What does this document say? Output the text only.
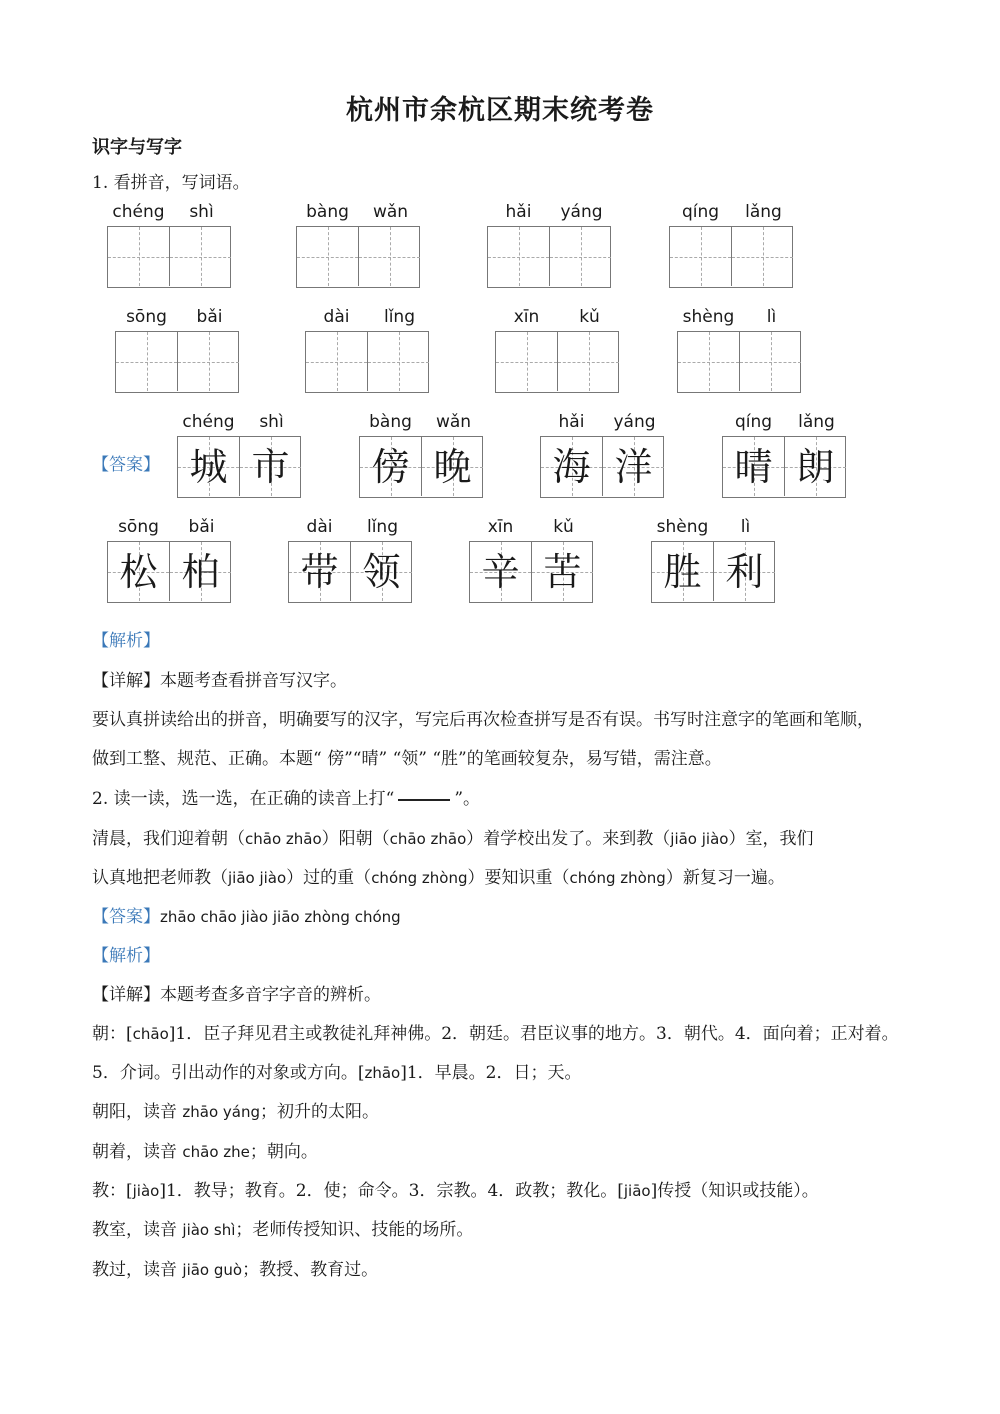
杭州市余杭区期末统考卷
识字与写字
1. 看拼音，写词语。
chéng	shì	bàng	wǎn	hǎi	yáng	qíng	lǎng
sōng	bǎi	dài	lǐng	xīn	kǔ	shèng	lì
【答案】
chéng	shì
城 市
bàng	wǎn
傍 晚
hǎi	yáng
海 洋
qíng	lǎng
晴 朗
sōng	bǎi
松 柏
dài	lǐng
带 领
xīn	kǔ
辛 苦
shèng	lì
胜 利
【解析】
【详解】本题考查看拼音写汉字。
要认真拼读给出的拼音，明确要写的汉字，写完后再次检查拼写是否有误。书写时注意字的笔画和笔顺，
做到工整、规范、正确。本题“ 傍”“晴” “领” “胜”的笔画较复杂，易写错，需注意。
2. 读一读，选一选，在正确的读音上打“	”。
清晨，我们迎着朝（chāo zhāo）阳朝（chāo zhāo）着学校出发了。来到教（jiāo jiào）室，我们
认真地把老师教（jiāo jiào）过的重（chóng zhòng）要知识重（chóng zhòng）新复习一遍。
【答案】zhāo chāo jiào jiāo zhòng chóng
【解析】
【详解】本题考查多音字字音的辨析。
朝：[chāo]1．臣子拜见君主或教徒礼拜神佛。2．朝廷。君臣议事的地方。3．朝代。4．面向着；正对着。
5．介词。引出动作的对象或方向。[zhāo]1．早晨。2．日；天。
朝阳，读音 zhāo yáng；初升的太阳。
朝着，读音 chāo zhe；朝向。
教：[jiào]1．教导；教育。2．使；命令。3．宗教。4．政教；教化。[jiāo]传授（知识或技能）。
教室，读音 jiào shì；老师传授知识、技能的场所。
教过，读音 jiāo guò；教授、教育过。
